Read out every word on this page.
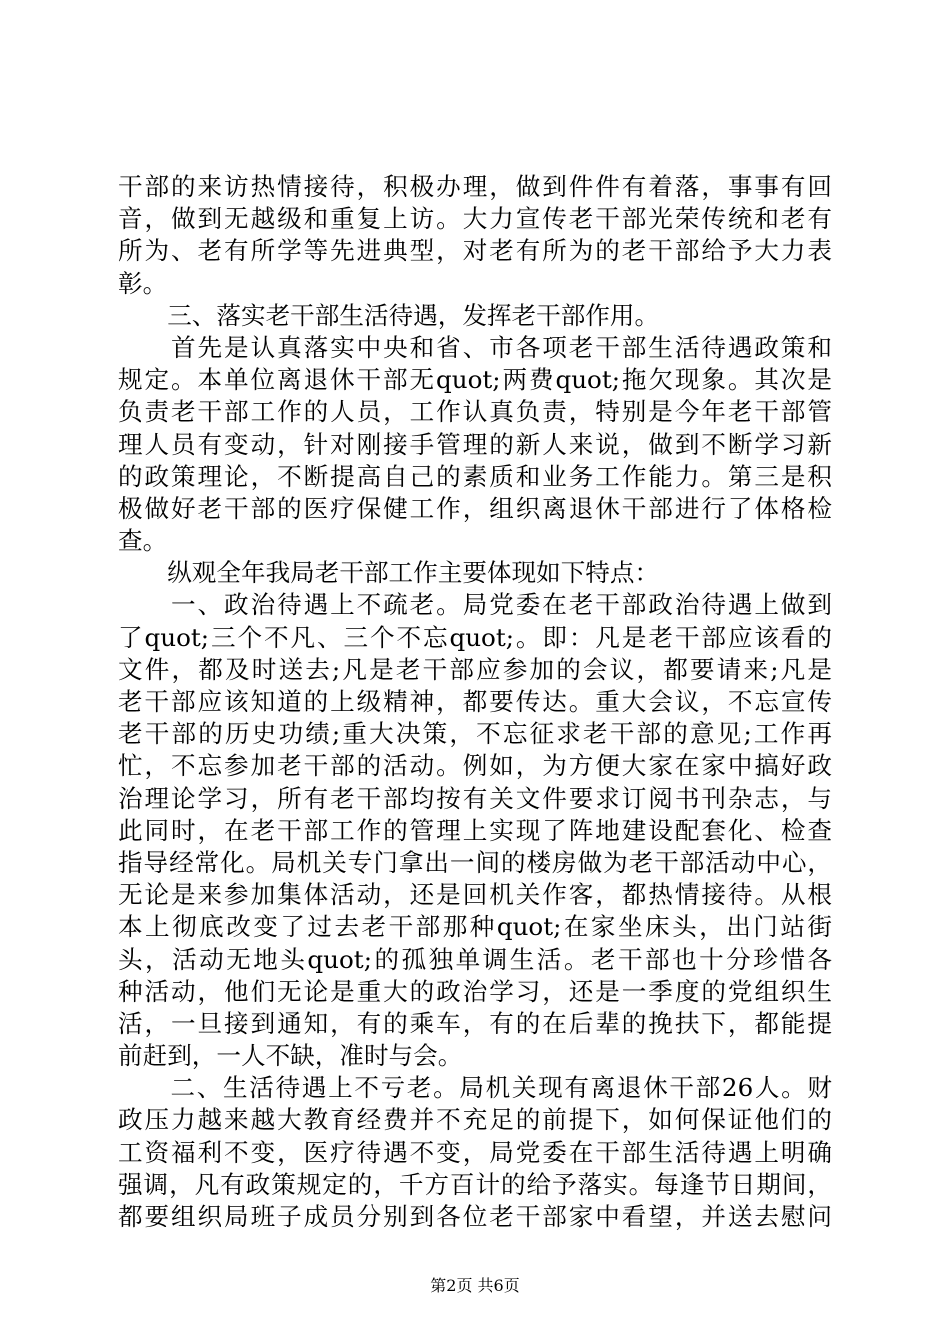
干部的来访热情接待，积极办理，做到件件有着落，事事有回
音，做到无越级和重复上访。大力宣传老干部光荣传统和老有
所为、老有所学等先进典型，对老有所为的老干部给予大力表
彰。
　　三、落实老干部生活待遇，发挥老干部作用。
　　首先是认真落实中央和省、市各项老干部生活待遇政策和
规定。本单位离退休干部无quot;两费quot;拖欠现象。其次是
负责老干部工作的人员，工作认真负责，特别是今年老干部管
理人员有变动，针对刚接手管理的新人来说，做到不断学习新
的政策理论，不断提高自己的素质和业务工作能力。第三是积
极做好老干部的医疗保健工作，组织离退休干部进行了体格检
查。
　　纵观全年我局老干部工作主要体现如下特点：
　　一、政治待遇上不疏老。局党委在老干部政治待遇上做到
了quot;三个不凡、三个不忘quot;。即：凡是老干部应该看的
文件，都及时送去;凡是老干部应参加的会议，都要请来;凡是
老干部应该知道的上级精神，都要传达。重大会议，不忘宣传
老干部的历史功绩;重大决策，不忘征求老干部的意见;工作再
忙，不忘参加老干部的活动。例如，为方便大家在家中搞好政
治理论学习，所有老干部均按有关文件要求订阅书刊杂志，与
此同时，在老干部工作的管理上实现了阵地建设配套化、检查
指导经常化。局机关专门拿出一间的楼房做为老干部活动中心，
无论是来参加集体活动，还是回机关作客，都热情接待。从根
本上彻底改变了过去老干部那种quot;在家坐床头，出门站街
头，活动无地头quot;的孤独单调生活。老干部也十分珍惜各
种活动，他们无论是重大的政治学习，还是一季度的党组织生
活，一旦接到通知，有的乘车，有的在后辈的挽扶下，都能提
前赶到，一人不缺，准时与会。
　　二、生活待遇上不亏老。局机关现有离退休干部26人。财
政压力越来越大教育经费并不充足的前提下，如何保证他们的
工资福利不变，医疗待遇不变，局党委在干部生活待遇上明确
强调，凡有政策规定的，千方百计的给予落实。每逢节日期间，
都要组织局班子成员分别到各位老干部家中看望，并送去慰问
第2页 共6页
